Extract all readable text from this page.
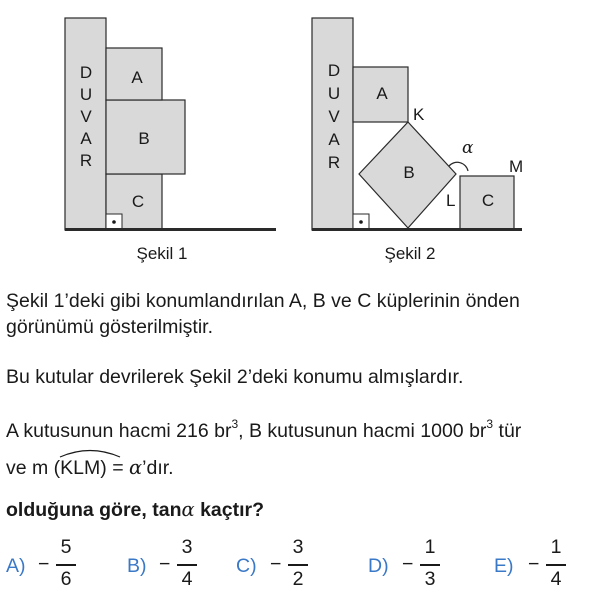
D
U
V
A
R
A
B
C
Şekil 1
D
U
V
A
R
A
B
C
K
L
M
α
Şekil 2
Şekil 1’deki gibi konumlandırılan A, B ve C küplerinin önden
görünümü gösterilmiştir.
Bu kutular devrilerek Şekil 2’deki konumu almışlardır.
A kutusunun hacmi 216 $br^3$, B kutusunun hacmi 1000 $br^3$ tür
ve m (
KLM) = α’dır.
olduğuna göre, tanα kaçtır?
A) −
5
6
B) −
3
4
C) −
3
2
D) −
1
3
E) −
1
4
